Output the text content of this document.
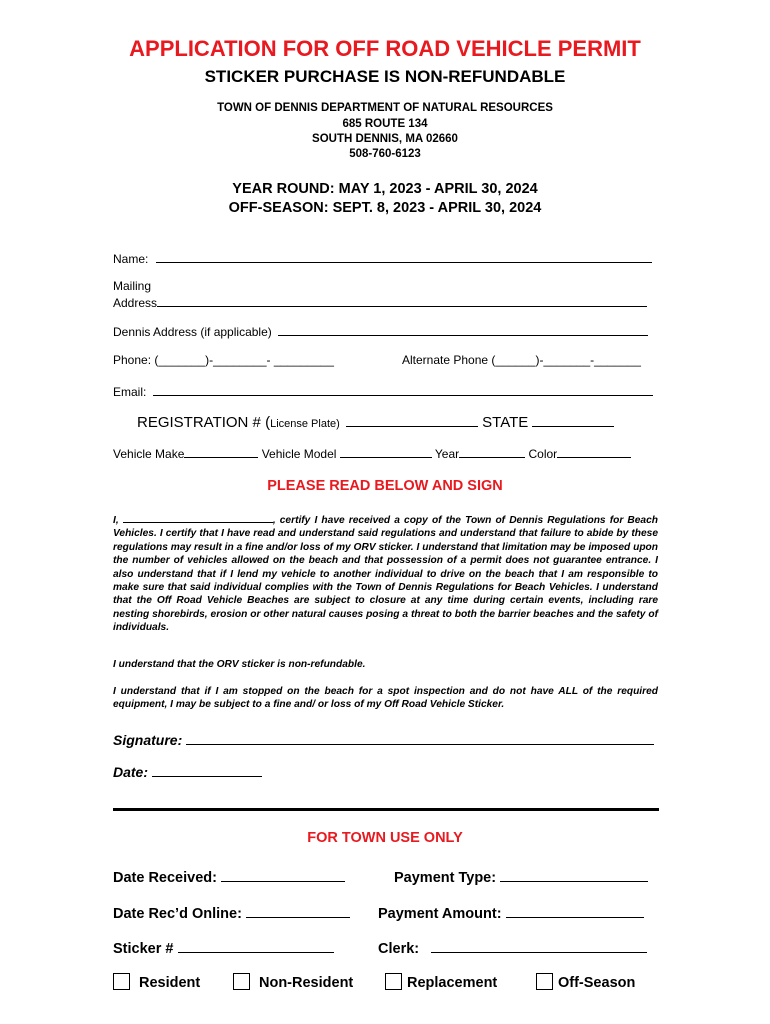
APPLICATION FOR OFF ROAD VEHICLE PERMIT
STICKER PURCHASE IS NON-REFUNDABLE
TOWN OF DENNIS DEPARTMENT OF NATURAL RESOURCES
685 ROUTE 134
SOUTH DENNIS, MA 02660
508-760-6123
YEAR ROUND: MAY 1, 2023 - APRIL 30, 2024
OFF-SEASON: SEPT. 8, 2023 - APRIL 30, 2024
Name:
Mailing
Address
Dennis Address (if applicable)
Phone: (_______)-________- _________	Alternate Phone (______)-_______-_______
Email:
REGISTRATION # (License Plate)	STATE
Vehicle Make	Vehicle Model	Year	Color
PLEASE READ BELOW AND SIGN
I,	, certify I have received a copy of the Town of Dennis Regulations for Beach Vehicles. I certify that I have read and understand said regulations and understand that failure to abide by these regulations may result in a fine and/or loss of my ORV sticker. I understand that limitation may be imposed upon the number of vehicles allowed on the beach and that possession of a permit does not guarantee entrance. I also understand that if I lend my vehicle to another individual to drive on the beach that I am responsible to make sure that said individual complies with the Town of Dennis Regulations for Beach Vehicles. I understand that the Off Road Vehicle Beaches are subject to closure at any time during certain events, including rare nesting shorebirds, erosion or other natural causes posing a threat to both the barrier beaches and the safety of individuals.
I understand that the ORV sticker is non-refundable.
I understand that if I am stopped on the beach for a spot inspection and do not have ALL of the required equipment, I may be subject to a fine and/ or loss of my Off Road Vehicle Sticker.
Signature:
Date:
FOR TOWN USE ONLY
Date Received:	Payment Type:
Date Rec’d Online:	Payment Amount:
Sticker #	Clerk:
Resident	Non-Resident	Replacement	Off-Season
